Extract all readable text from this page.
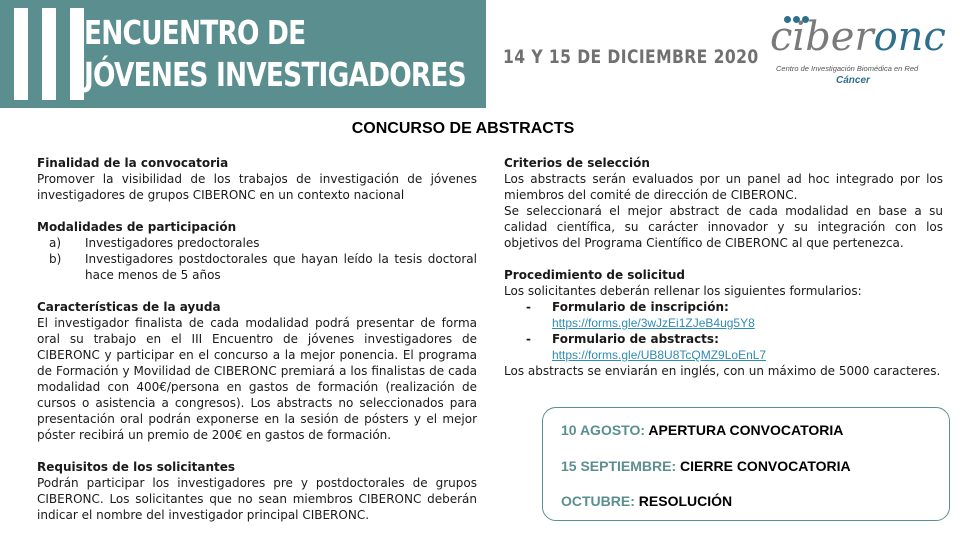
ENCUENTRO DE
JÓVENES INVESTIGADORES 14 Y 15 DE DICIEMBRE 2020 ciberonc
Centro de Investigación Biomédica en Red
Cáncer
CONCURSO DE ABSTRACTS
Finalidad de la convocatoria

Promover la visibilidad de los trabajos de investigación de jóvenes investigadores de grupos CIBERONC en un contexto nacional

Modalidades de participación
a)	Investigadores predoctorales
b)	Investigadores postdoctorales que hayan leído la tesis doctoral hace menos de 5 años
Características de la ayuda

El investigador finalista de cada modalidad podrá presentar de forma oral su trabajo en el III Encuentro de jóvenes investigadores de CIBERONC y participar en el concurso a la mejor ponencia. El programa de Formación y Movilidad de CIBERONC premiará a los finalistas de cada modalidad con 400€/persona en gastos de formación (realización de cursos o asistencia a congresos). Los abstracts no seleccionados para presentación oral podrán exponerse en la sesión de pósters y el mejor póster recibirá un premio de 200€ en gastos de formación.

Requisitos de los solicitantes

Podrán participar los investigadores pre y postdoctorales de grupos CIBERONC. Los solicitantes que no sean miembros CIBERONC deberán indicar el nombre del investigador principal CIBERONC.

Criterios de selección

Los abstracts serán evaluados por un panel ad hoc integrado por los miembros del comité de dirección de CIBERONC.

Se seleccionará el mejor abstract de cada modalidad en base a su calidad científica, su carácter innovador y su integración con los objetivos del Programa Científico de CIBERONC al que pertenezca.

Procedimiento de solicitud

Los solicitantes deberán rellenar los siguientes formularios:

-	Formulario de inscripción:
https://forms.gle/3wJzEi1ZJeB4ug5Y8
-	Formulario de abstracts:
https://forms.gle/UB8U8TcQMZ9LoEnL7

Los abstracts se enviarán en inglés, con un máximo de 5000 caracteres.

10 AGOSTO: APERTURA CONVOCATORIA
15 SEPTIEMBRE: CIERRE CONVOCATORIA
OCTUBRE: RESOLUCIÓN
